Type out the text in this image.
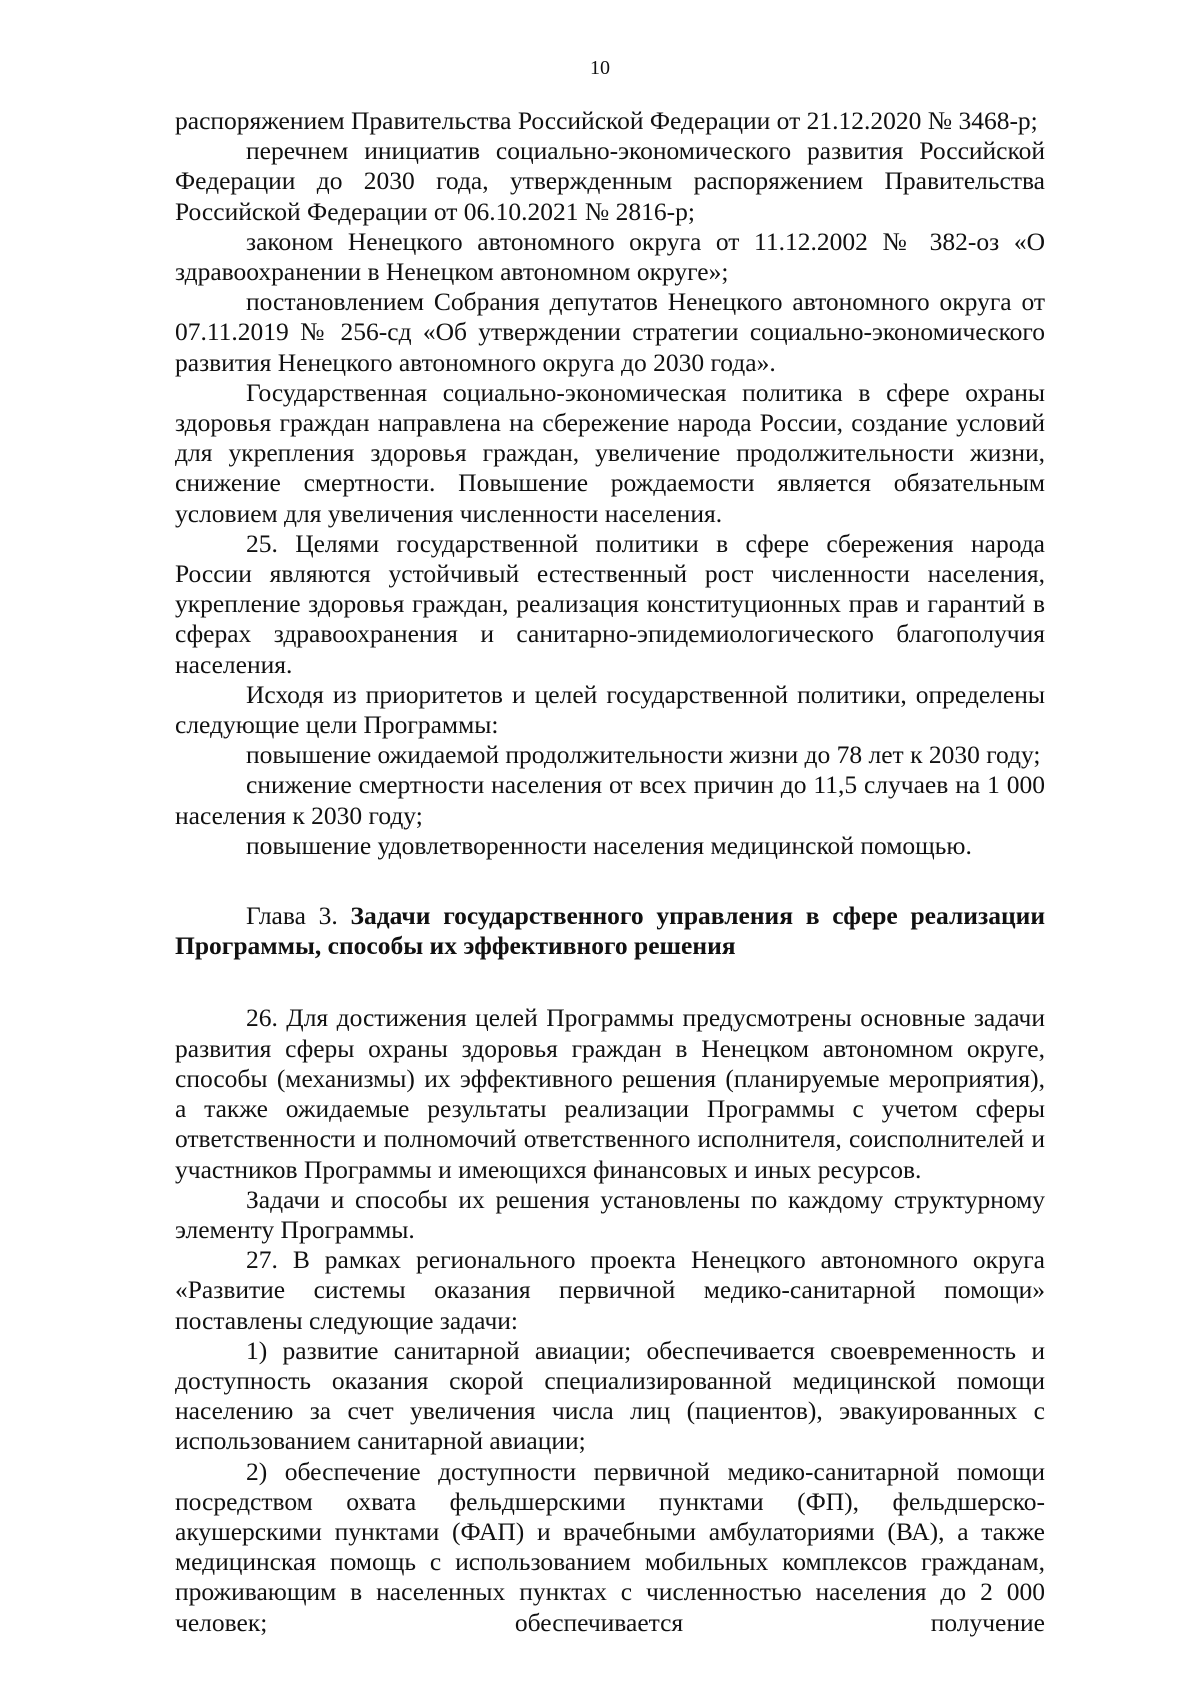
10

распоряжением Правительства Российской Федерации от 21.12.2020 № 3468-р;

перечнем инициатив социально-экономического развития Российской Федерации до 2030 года, утвержденным распоряжением Правительства Российской Федерации от 06.10.2021 № 2816-р;

законом Ненецкого автономного округа от 11.12.2002 № 382-оз «О здравоохранении в Ненецком автономном округе»;

постановлением Собрания депутатов Ненецкого автономного округа от 07.11.2019 № 256-сд «Об утверждении стратегии социально-экономического развития Ненецкого автономного округа до 2030 года».

Государственная социально-экономическая политика в сфере охраны здоровья граждан направлена на сбережение народа России, создание условий для укрепления здоровья граждан, увеличение продолжительности жизни, снижение смертности. Повышение рождаемости является обязательным условием для увеличения численности населения.

25. Целями государственной политики в сфере сбережения народа России являются устойчивый естественный рост численности населения, укрепление здоровья граждан, реализация конституционных прав и гарантий в сферах здравоохранения и санитарно-эпидемиологического благополучия населения.

Исходя из приоритетов и целей государственной политики, определены следующие цели Программы:

повышение ожидаемой продолжительности жизни до 78 лет к 2030 году;

снижение смертности населения от всех причин до 11,5 случаев на 1 000 населения к 2030 году;

повышение удовлетворенности населения медицинской помощью.

Глава 3. Задачи государственного управления в сфере реализации Программы, способы их эффективного решения

26. Для достижения целей Программы предусмотрены основные задачи развития сферы охраны здоровья граждан в Ненецком автономном округе, способы (механизмы) их эффективного решения (планируемые мероприятия), а также ожидаемые результаты реализации Программы с учетом сферы ответственности и полномочий ответственного исполнителя, соисполнителей и участников Программы и имеющихся финансовых и иных ресурсов.

Задачи и способы их решения установлены по каждому структурному элементу Программы.

27. В рамках регионального проекта Ненецкого автономного округа «Развитие системы оказания первичной медико-санитарной помощи» поставлены следующие задачи:

1) развитие санитарной авиации; обеспечивается своевременность и доступность оказания скорой специализированной медицинской помощи населению за счет увеличения числа лиц (пациентов), эвакуированных с использованием санитарной авиации;

2) обеспечение доступности первичной медико-санитарной помощи посредством охвата фельдшерскими пунктами (ФП), фельдшерско-акушерскими пунктами (ФАП) и врачебными амбулаториями (ВА), а также медицинская помощь с использованием мобильных комплексов гражданам, проживающим в населенных пунктах с численностью населения до 2 000 человек; обеспечивается получение
